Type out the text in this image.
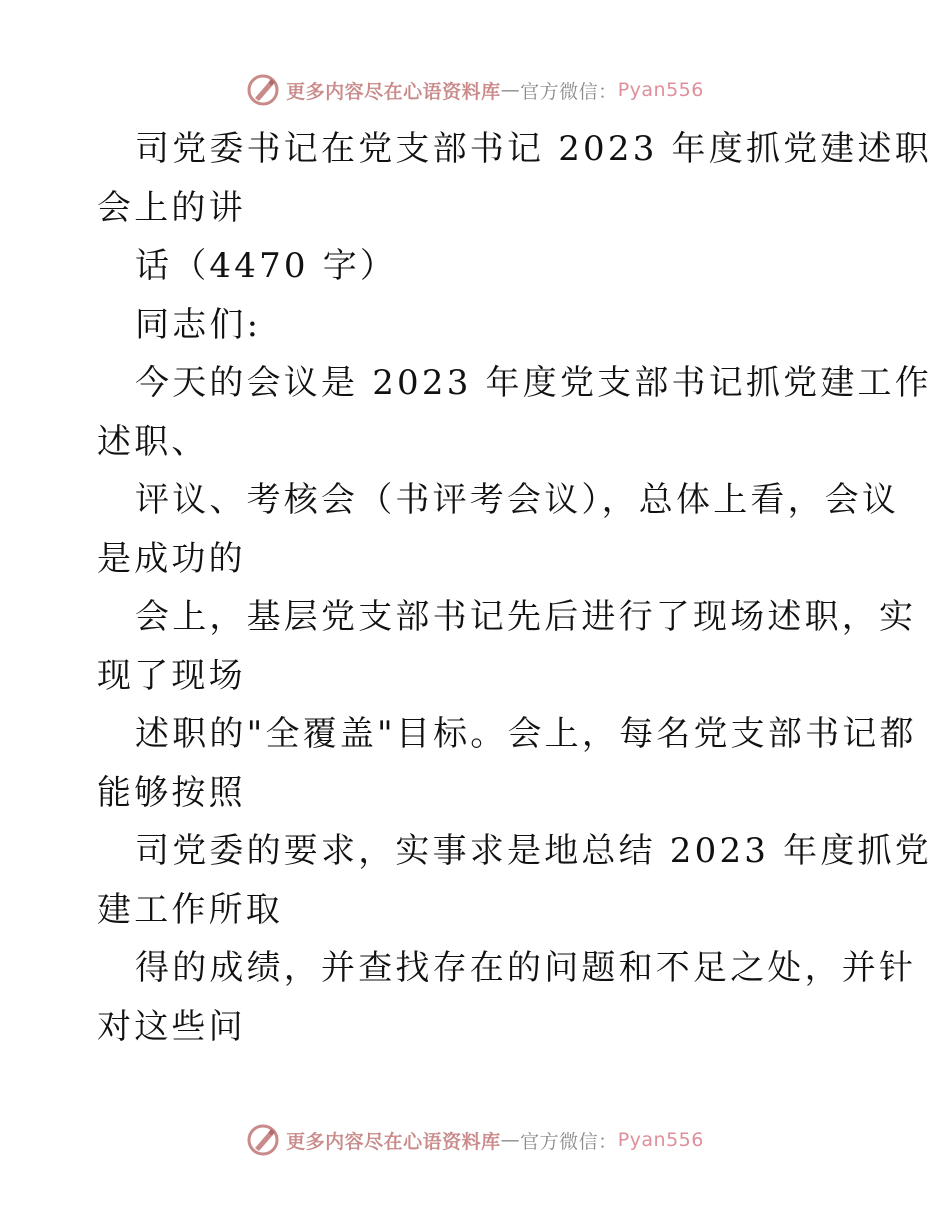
更多内容尽在心语资料库 — 官方微信： Pyan556
司党委书记在党支部书记 2023 年度抓党建述职
会上的讲
话（4470 字）
同志们:
今天的会议是 2023 年度党支部书记抓党建工作
述职、
评议、考核会（书评考会议），总体上看，会议
是成功的
会上，基层党支部书记先后进行了现场述职，实
现了现场
述职的"全覆盖"目标。会上，每名党支部书记都
能够按照
司党委的要求，实事求是地总结 2023 年度抓党
建工作所取
得的成绩，并查找存在的问题和不足之处，并针
对这些问
更多内容尽在心语资料库 — 官方微信： Pyan556
